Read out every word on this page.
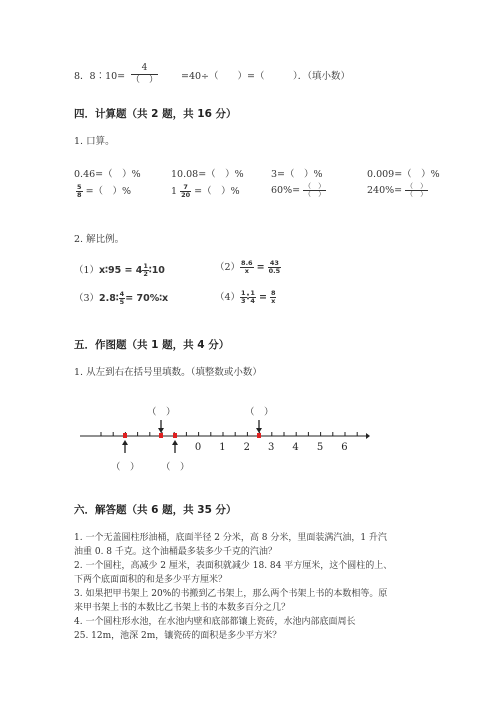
8．8∶10=
4
（　） =40÷（　　）=（　　　）．（填小数）
四．计算题（共 2 题，共 16 分）
1. 口算。
0.46=（　）%	10.08=（　）%	3=（　）%	0.009=（　）%
$\frac{5}{8}$ =（　）%	$1 \frac{7}{20}$ =（　）%	$60\%= \frac{( )}{( )}$	$240\%= \frac{( )}{( )}$
2. 解比例。
（1）x∶95 = $4 \frac{1}{2}$ ∶10	$(2) \frac{8.6}{x} = \frac{43}{0.5}$
（3）2.8∶ $\frac{4}{5}$ = 70%∶x	$(4) \frac{1}{3}$ ∶ $\frac{1}{4} = \frac{8}{x}$
五．作图题（共 1 题，共 4 分）
1. 从左到右在括号里填数。（填整数或小数）
0 1 2 3 4 5 6
（　）	（　）
（　） （　）
六．解答题（共 6 题，共 35 分）
1. 一个无盖圆柱形油桶，底面半径 2 分米，高 8 分米，里面装满汽油，1 升汽
油重 0. 8 千克。这个油桶最多装多少千克的汽油？
2. 一个圆柱，高减少 2 厘米，表面积就减少 18. 84 平方厘米，这个圆柱的上、
下两个底面面积的和是多少平方厘米？
3. 如果把甲书架上 20%的书搬到乙书架上，那么两个书架上书的本数相等。原
来甲书架上书的本数比乙书架上书的本数多百分之几？
4. 一个圆柱形水池，在水池内壁和底部都镶上瓷砖，水池内部底面周长
25. 12m，池深 2m，镶瓷砖的面积是多少平方米？
